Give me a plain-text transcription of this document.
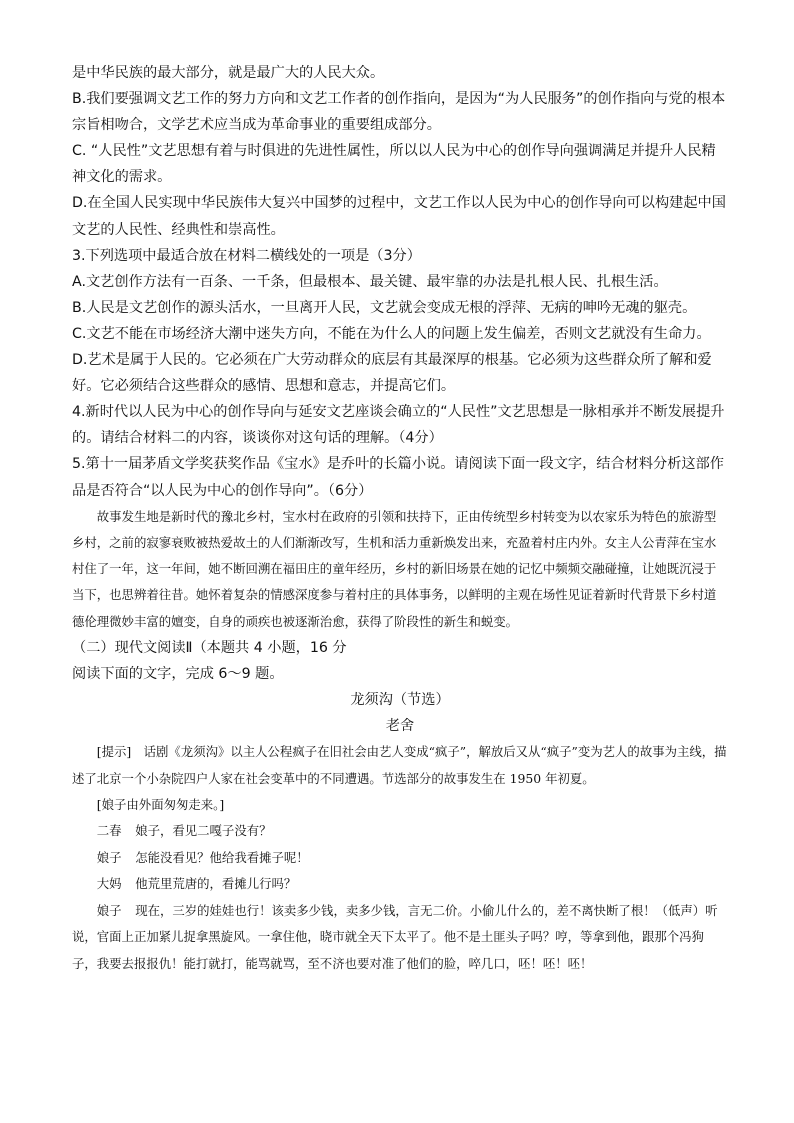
是中华民族的最大部分，就是最广大的人民大众。

B.我们要强调文艺工作的努力方向和文艺工作者的创作指向，是因为“为人民服务”的创作指向与党的根本宗旨相吻合，文学艺术应当成为革命事业的重要组成部分。

C. “人民性”文艺思想有着与时俱进的先进性属性，所以以人民为中心的创作导向强调满足并提升人民精神文化的需求。

D.在全国人民实现中华民族伟大复兴中国梦的过程中，文艺工作以人民为中心的创作导向可以构建起中国文艺的人民性、经典性和崇高性。

3.下列选项中最适合放在材料二横线处的一项是（3分）

A.文艺创作方法有一百条、一千条，但最根本、最关键、最牢靠的办法是扎根人民、扎根生活。

B.人民是文艺创作的源头活水，一旦离开人民，文艺就会变成无根的浮萍、无病的呻吟无魂的躯壳。

C.文艺不能在市场经济大潮中迷失方向，不能在为什么人的问题上发生偏差，否则文艺就没有生命力。

D.艺术是属于人民的。它必须在广大劳动群众的底层有其最深厚的根基。它必须为这些群众所了解和爱好。它必须结合这些群众的感情、思想和意志，并提高它们。

4.新时代以人民为中心的创作导向与延安文艺座谈会确立的“人民性”文艺思想是一脉相承并不断发展提升的。请结合材料二的内容，谈谈你对这句话的理解。（4分）

5.第十一届茅盾文学奖获奖作品《宝水》是乔叶的长篇小说。请阅读下面一段文字，结合材料分析这部作品是否符合“以人民为中心的创作导向”。（6分）

故事发生地是新时代的豫北乡村，宝水村在政府的引领和扶持下，正由传统型乡村转变为以农家乐为特色的旅游型乡村，之前的寂寥衰败被热爱故土的人们渐渐改写，生机和活力重新焕发出来，充盈着村庄内外。女主人公青萍在宝水村住了一年，这一年间，她不断回溯在福田庄的童年经历，乡村的新旧场景在她的记忆中频频交融碰撞，让她既沉浸于当下，也思辨着往昔。她怀着复杂的情感深度参与着村庄的具体事务，以鲜明的主观在场性见证着新时代背景下乡村道德伦理微妙丰富的嬗变，自身的顽疾也被逐渐治愈，获得了阶段性的新生和蜕变。

（二）现代文阅读Ⅱ（本题共 4 小题，16 分

阅读下面的文字，完成 6～9 题。

龙须沟（节选）

老舍

[提示]　话剧《龙须沟》以主人公程疯子在旧社会由艺人变成“疯子”，解放后又从“疯子”变为艺人的故事为主线，描述了北京一个小杂院四户人家在社会变革中的不同遭遇。节选部分的故事发生在 1950 年初夏。

[娘子由外面匆匆走来。]

二春 娘子，看见二嘎子没有？

娘子 怎能没看见？他给我看摊子呢！

大妈 他荒里荒唐的，看摊儿行吗？

娘子 现在，三岁的娃娃也行！该卖多少钱，卖多少钱，言无二价。小偷儿什么的，差不离快断了根！（低声）听说，官面上正加紧儿捉拿黑旋风。一拿住他，晓市就全天下太平了。他不是土匪头子吗？哼，等拿到他，跟那个冯狗子，我要去报报仇！能打就打，能骂就骂，至不济也要对准了他们的脸，啐几口，呸！呸！呸！
